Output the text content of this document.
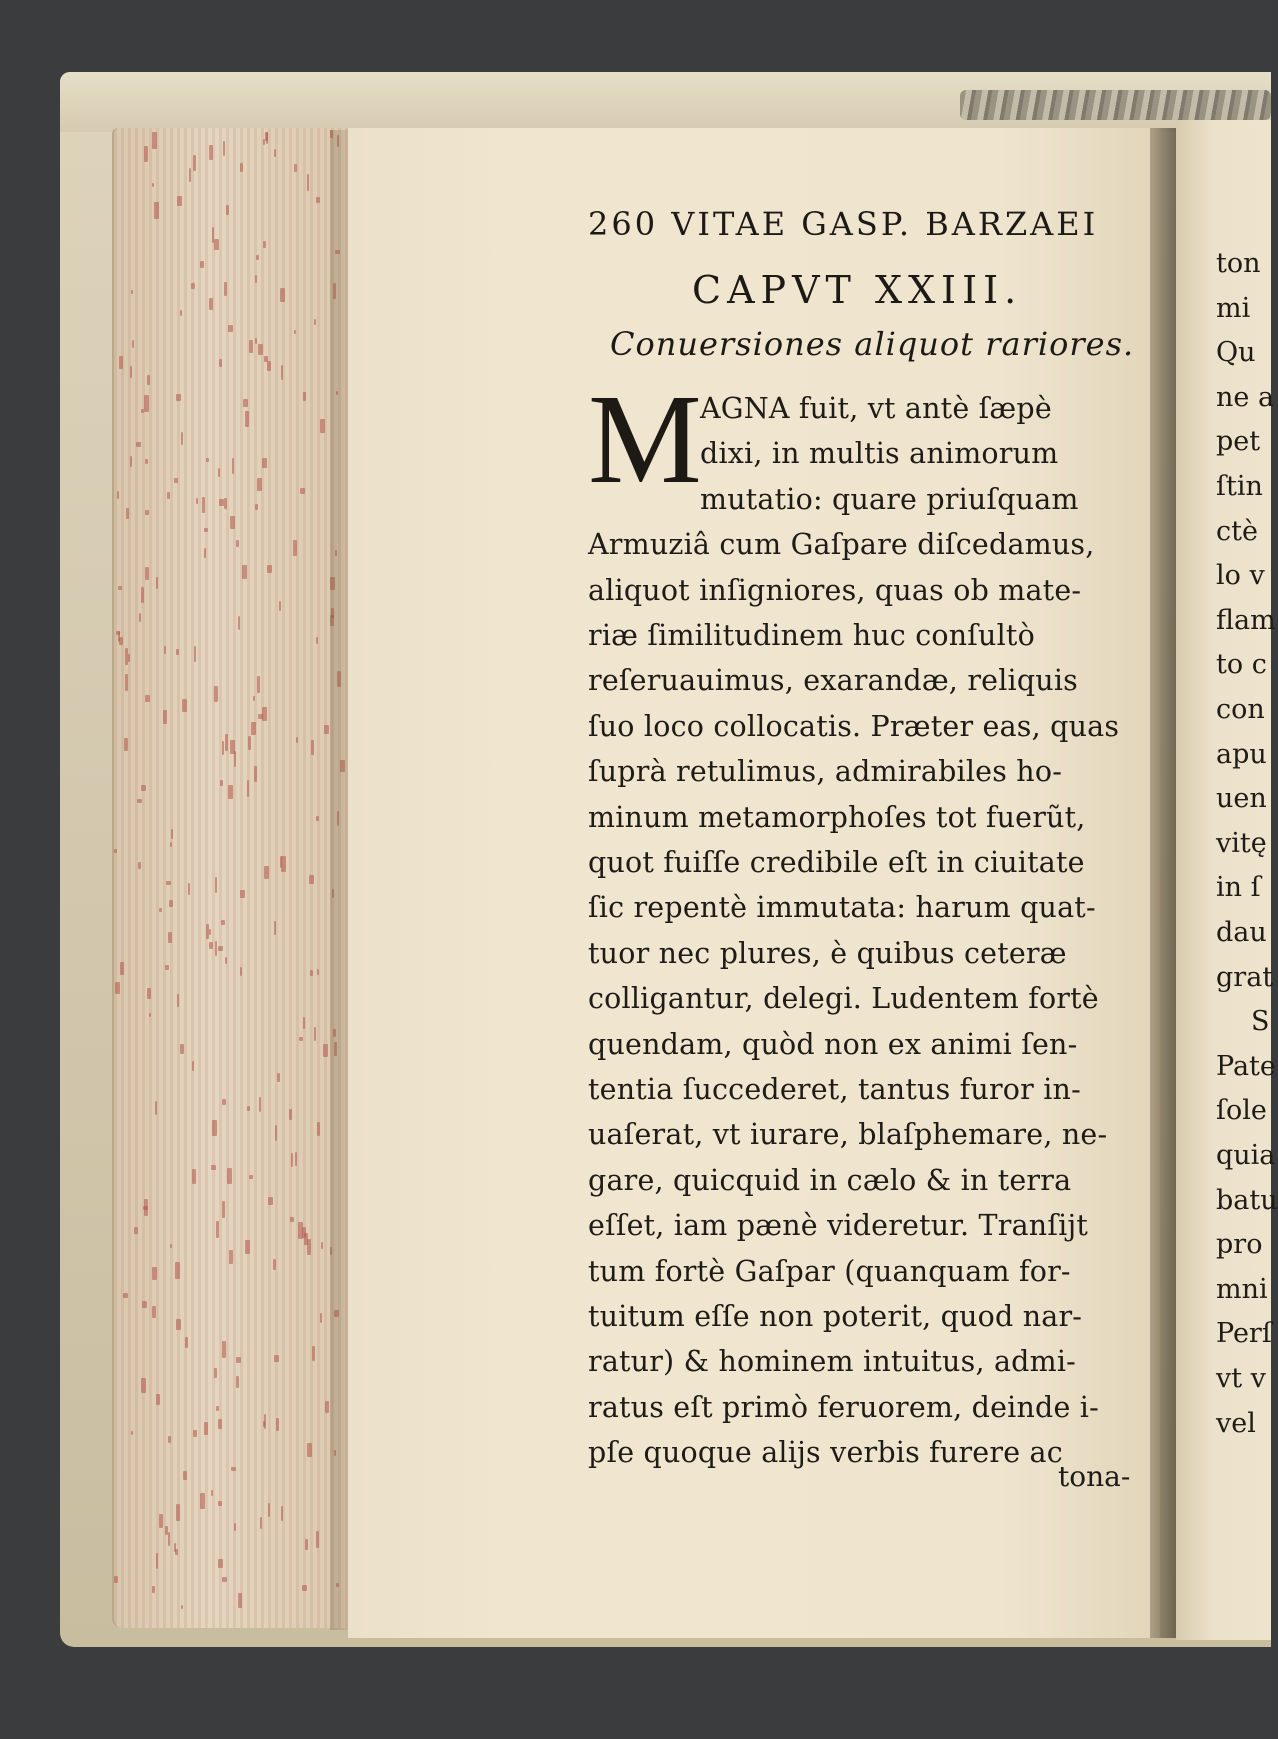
260 VITAE GASP. BARZAEI
CAPVT XXIII.
Conuersiones aliquot rariores.
M
AGNA fuit, vt antè ſæpè
dixi, in multis animorum
mutatio: quare priuſquam
Armuziâ cum Gaſpare diſcedamus,
aliquot inſigniores, quas ob mate-
riæ ſimilitudinem huc conſultò
reſeruauimus, exarandæ, reliquis
ſuo loco collocatis. Præter eas, quas
ſuprà retulimus, admirabiles ho-
minum metamorphoſes tot fuerũt,
quot fuiſſe credibile eſt in ciuitate
ſic repentè immutata: harum quat-
tuor nec plures, è quibus ceteræ
colligantur, delegi. Ludentem fortè
quendam, quòd non ex animi ſen-
tentia ſuccederet, tantus furor in-
uaſerat, vt iurare, blaſphemare, ne-
gare, quicquid in cælo & in terra
eſſet, iam pænè videretur. Tranſijt
tum fortè Gaſpar (quanquam for-
tuitum eſſe non poterit, quod nar-
ratur) & hominem intuitus, admi-
ratus eſt primò feruorem, deinde i-
pſe quoque alijs verbis furere ac
tona-
ton
mi
Qu
ne a
pet
ſtin
ctè
lo v
flam
to c
con
apu
uen
vitę
in ſ
dau
grat
S
Pate
ſole
quia
batu
pro
mni
Perſ
vt v
vel
